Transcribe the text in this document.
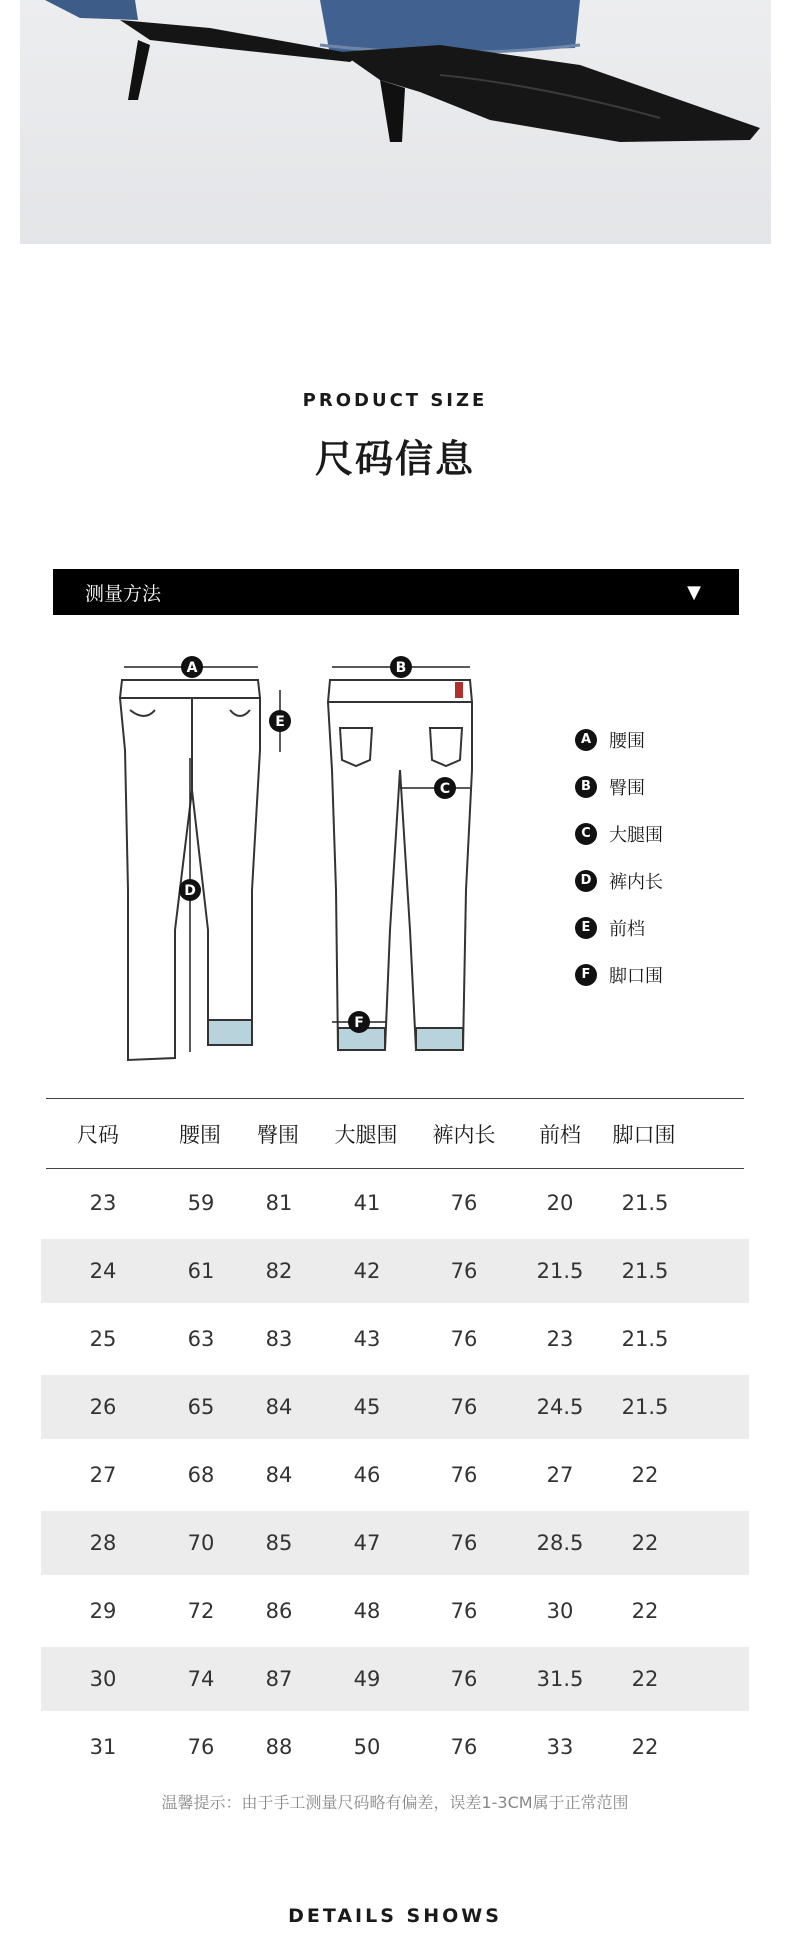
PRODUCT SIZE
尺码信息
测量方法	▼
A	B
C
D
E
F
A 腰围
B	臀围
C	大腿围
D 裤内长
E	前档
F	脚口围
尺码	腰围 臀围 大腿围 裤内长 前档 脚口围
23	59 81	41	76	20 21.5
24	61 82	42	76	21.5 21.5
25	63 83	43	76	23 21.5
26	65 84	45	76	24.5 21.5
27	68 84	46	76	27	22
28	70 85	47	76	28.5 22
29	72 86	48	76	30	22
30	74 87	49	76	31.5 22
31	76 88	50	76	33	22
温馨提示：由于手工测量尺码略有偏差，误差1-3CM属于正常范围
DETAILS SHOWS
